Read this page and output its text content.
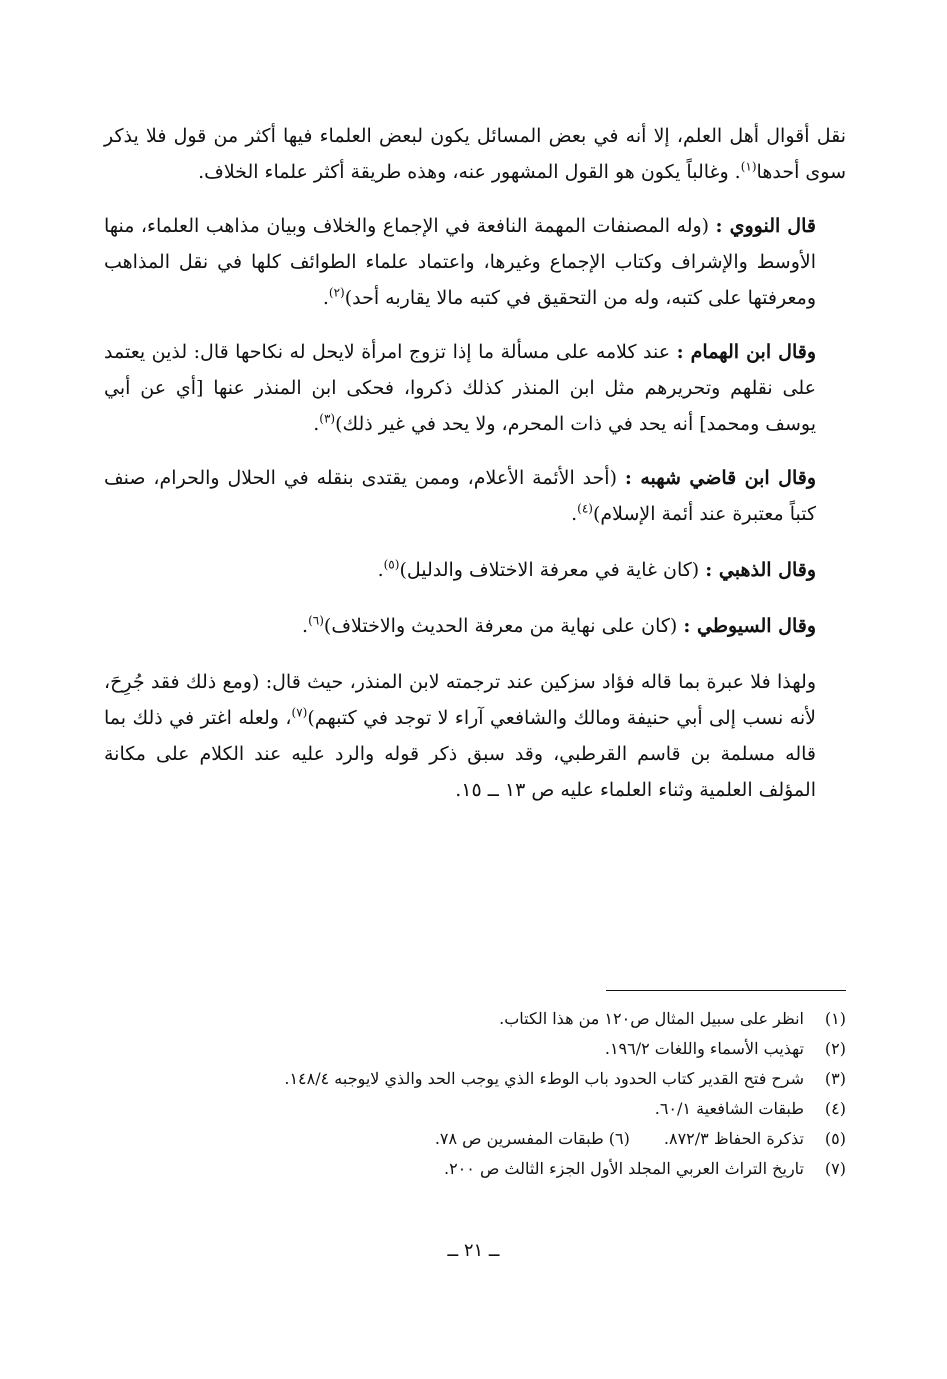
نقل أقوال أهل العلم، إلا أنه في بعض المسائل يكون لبعض العلماء فيها أكثر من قول فلا يذكر سوى أحدها$^{(١)}$. وغالباً يكون هو القول المشهور عنه، وهذه طريقة أكثر علماء الخلاف.

قال النووي : (وله المصنفات المهمة النافعة في الإجماع والخلاف وبيان مذاهب العلماء، منها الأوسط والإشراف وكتاب الإجماع وغيرها، واعتماد علماء الطوائف كلها في نقل المذاهب ومعرفتها على كتبه، وله من التحقيق في كتبه مالا يقاربه أحد)$^{(٢)}$.

وقال ابن الهمام : عند كلامه على مسألة ما إذا تزوج امرأة لايحل له نكاحها قال: لذين يعتمد على نقلهم وتحريرهم مثل ابن المنذر كذلك ذكروا، فحكى ابن المنذر عنها [أي عن أبي يوسف ومحمد] أنه يحد في ذات المحرم، ولا يحد في غير ذلك)$^{(٣)}$.

وقال ابن قاضي شهبه : (أحد الأئمة الأعلام، وممن يقتدى بنقله في الحلال والحرام، صنف كتباً معتبرة عند أئمة الإسلام)$^{(٤)}$.

وقال الذهبي : (كان غاية في معرفة الاختلاف والدليل)$^{(٥)}$.

وقال السيوطي : (كان على نهاية من معرفة الحديث والاختلاف)$^{(٦)}$.

ولهذا فلا عبرة بما قاله فؤاد سزكين عند ترجمته لابن المنذر، حيث قال: (ومع ذلك فقد جُرِحَ، لأنه نسب إلى أبي حنيفة ومالك والشافعي آراء لا توجد في كتبهم)$^{(٧)}$، ولعله اغتر في ذلك بما قاله مسلمة بن قاسم القرطبي، وقد سبق ذكر قوله والرد عليه عند الكلام على مكانة المؤلف العلمية وثناء العلماء عليه ص ١٣ ــ ١٥.

(١)انظر على سبيل المثال ص١٢٠ من هذا الكتاب.
(٢)تهذيب الأسماء واللغات ١٩٦/٢.
(٣)شرح فتح القدير كتاب الحدود باب الوطء الذي يوجب الحد والذي لايوجبه ١٤٨/٤.
(٤)طبقات الشافعية ٦٠/١.
(٥)تذكرة الحفاظ ٨٧٢/٣.(٦) طبقات المفسرين ص ٧٨.
(٧)تاريخ التراث العربي المجلد الأول الجزء الثالث ص ٢٠٠.
ــ ٢١ ــ
